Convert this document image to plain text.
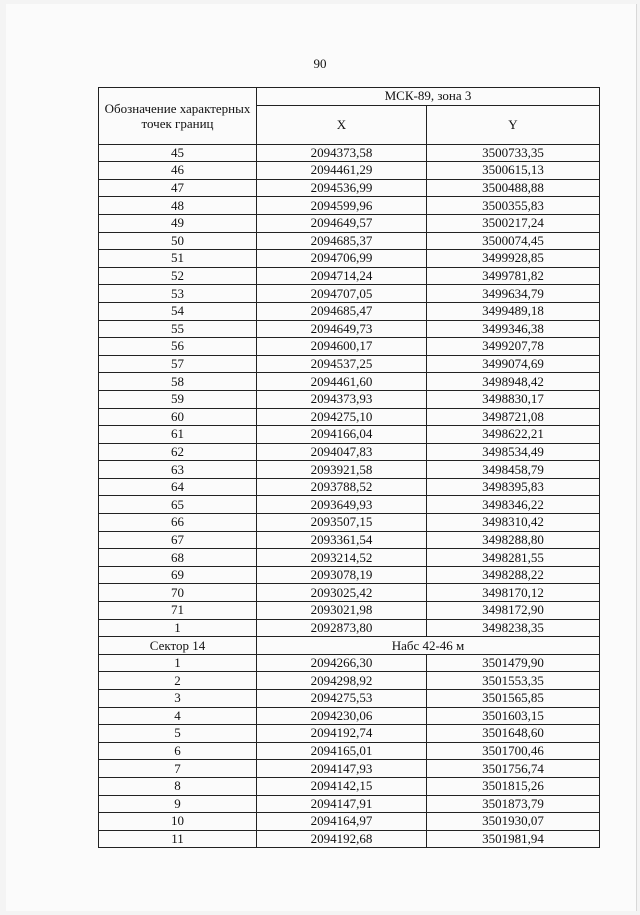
90
Обозначение характерных точек границ	МСК-89, зона 3	
	X	Y
45	2094373,58	3500733,35
46	2094461,29	3500615,13
47	2094536,99	3500488,88
48	2094599,96	3500355,83
49	2094649,57	3500217,24
50	2094685,37	3500074,45
51	2094706,99	3499928,85
52	2094714,24	3499781,82
53	2094707,05	3499634,79
54	2094685,47	3499489,18
55	2094649,73	3499346,38
56	2094600,17	3499207,78
57	2094537,25	3499074,69
58	2094461,60	3498948,42
59	2094373,93	3498830,17
60	2094275,10	3498721,08
61	2094166,04	3498622,21
62	2094047,83	3498534,49
63	2093921,58	3498458,79
64	2093788,52	3498395,83
65	2093649,93	3498346,22
66	2093507,15	3498310,42
67	2093361,54	3498288,80
68	2093214,52	3498281,55
69	2093078,19	3498288,22
70	2093025,42	3498170,12
71	2093021,98	3498172,90
1	2092873,80	3498238,35
Сектор 14	Набс 42-46 м	
1	2094266,30	3501479,90
2	2094298,92	3501553,35
3	2094275,53	3501565,85
4	2094230,06	3501603,15
5	2094192,74	3501648,60
6	2094165,01	3501700,46
7	2094147,93	3501756,74
8	2094142,15	3501815,26
9	2094147,91	3501873,79
10	2094164,97	3501930,07
11	2094192,68	3501981,94
